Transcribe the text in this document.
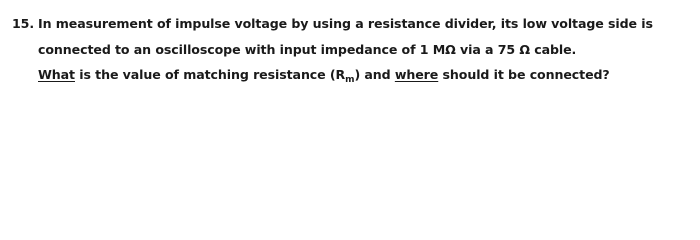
15. In measurement of impulse voltage by using a resistance divider, its low voltage side is
connected to an oscilloscope with input impedance of 1 MΩ via a 75 Ω cable.
What is the value of matching resistance $(R_m)$ and where should it be connected?
